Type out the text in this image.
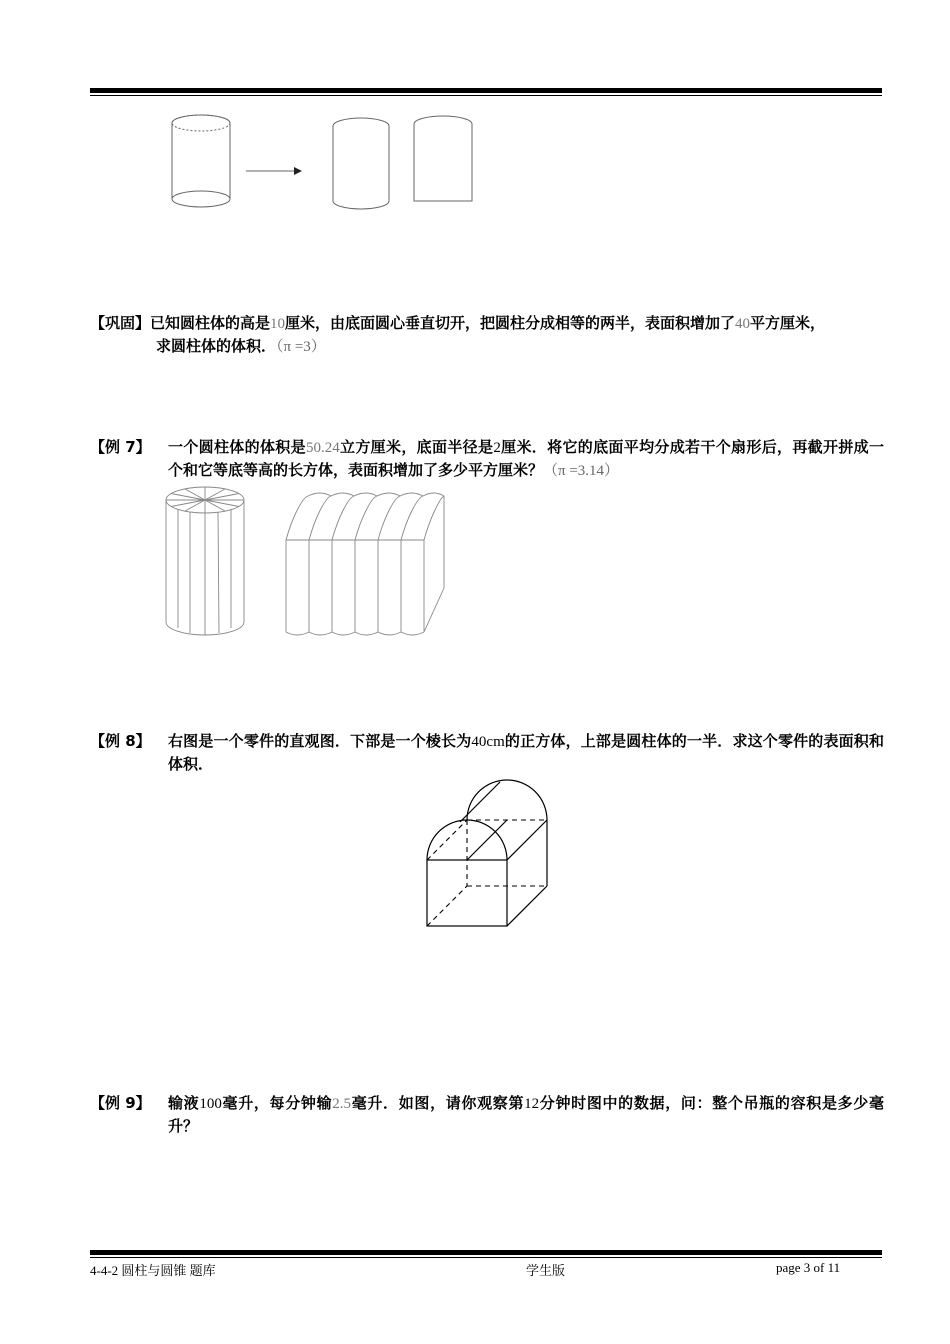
【巩固】已知圆柱体的高是10厘米，由底面圆心垂直切开，把圆柱分成相等的两半，表面积增加了40平方厘米，
求圆柱体的体积．（π =3）
【例 7】 一个圆柱体的体积是50.24立方厘米，底面半径是2厘米．将它的底面平均分成若干个扇形后，再截开拼成一个和它等底等高的长方体，表面积增加了多少平方厘米？（π =3.14）
【例 8】 右图是一个零件的直观图．下部是一个棱长为40cm的正方体，上部是圆柱体的一半．求这个零件的表面积和体积．
【例 9】 输液100毫升，每分钟输2.5毫升．如图，请你观察第12分钟时图中的数据，问：整个吊瓶的容积是多少毫升？
4-4-2 圆柱与圆锥 题库	学生版	page 3 of 11
